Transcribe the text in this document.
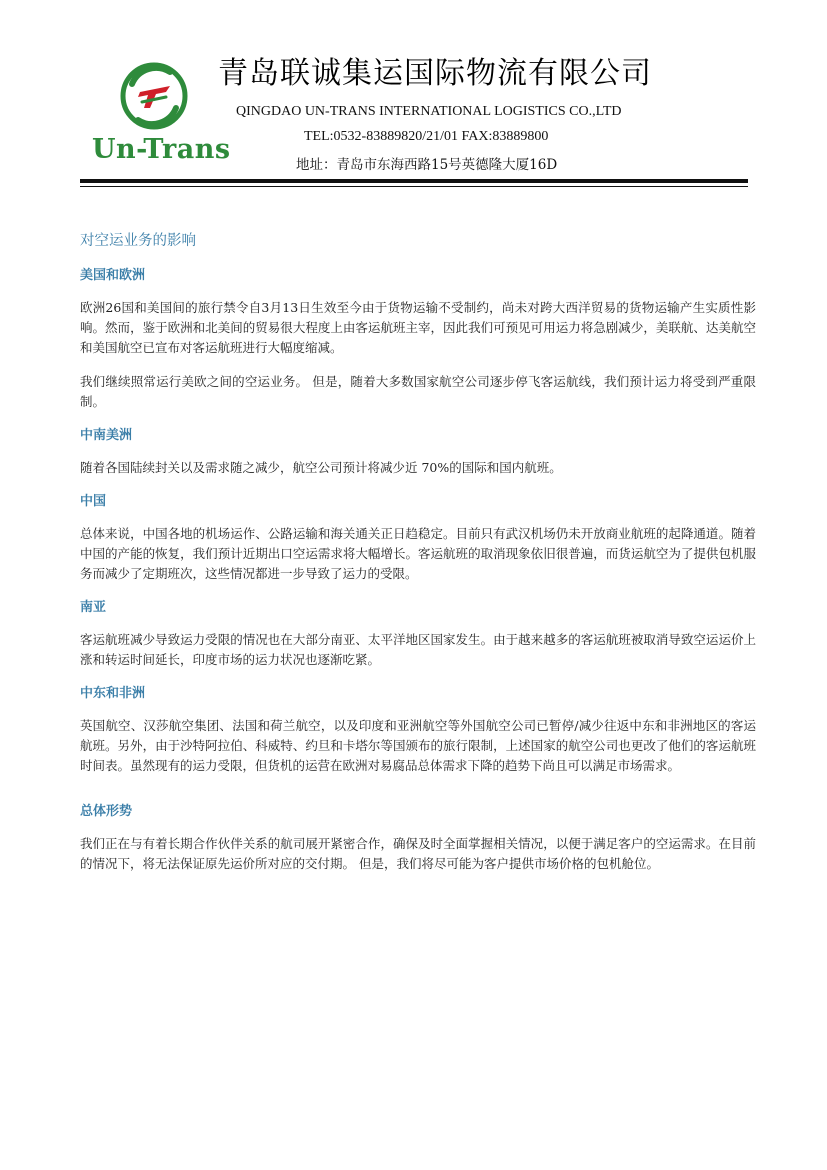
Un-Trans
青岛联诚集运国际物流有限公司
QINGDAO UN-TRANS INTERNATIONAL LOGISTICS CO.,LTD
TEL:0532-83889820/21/01 FAX:83889800
地址：青岛市东海西路15号英德隆大厦16D
对空运业务的影响
美国和欧洲

欧洲26国和美国间的旅行禁令自3月13日生效至今由于货物运输不受制约，尚未对跨大西洋贸易的货物运输产生实质性影响。然而，鉴于欧洲和北美间的贸易很大程度上由客运航班主宰，因此我们可预见可用运力将急剧减少，美联航、达美航空和美国航空已宣布对客运航班进行大幅度缩减。

我们继续照常运行美欧之间的空运业务。 但是，随着大多数国家航空公司逐步停飞客运航线，我们预计运力将受到严重限制。

中南美洲

随着各国陆续封关以及需求随之减少，航空公司预计将减少近 70%的国际和国内航班。

中国

总体来说，中国各地的机场运作、公路运输和海关通关正日趋稳定。目前只有武汉机场仍未开放商业航班的起降通道。随着中国的产能的恢复，我们预计近期出口空运需求将大幅增长。客运航班的取消现象依旧很普遍，而货运航空为了提供包机服务而减少了定期班次，这些情况都进一步导致了运力的受限。

南亚

客运航班减少导致运力受限的情况也在大部分南亚、太平洋地区国家发生。由于越来越多的客运航班被取消导致空运运价上涨和转运时间延长，印度市场的运力状况也逐渐吃紧。

中东和非洲

英国航空、汉莎航空集团、法国和荷兰航空，以及印度和亚洲航空等外国航空公司已暂停/减少往返中东和非洲地区的客运航班。另外，由于沙特阿拉伯、科威特、约旦和卡塔尔等国颁布的旅行限制，上述国家的航空公司也更改了他们的客运航班时间表。虽然现有的运力受限，但货机的运营在欧洲对易腐品总体需求下降的趋势下尚且可以满足市场需求。

总体形势

我们正在与有着长期合作伙伴关系的航司展开紧密合作，确保及时全面掌握相关情况，以便于满足客户的空运需求。在目前的情况下，将无法保证原先运价所对应的交付期。 但是，我们将尽可能为客户提供市场价格的包机舱位。
